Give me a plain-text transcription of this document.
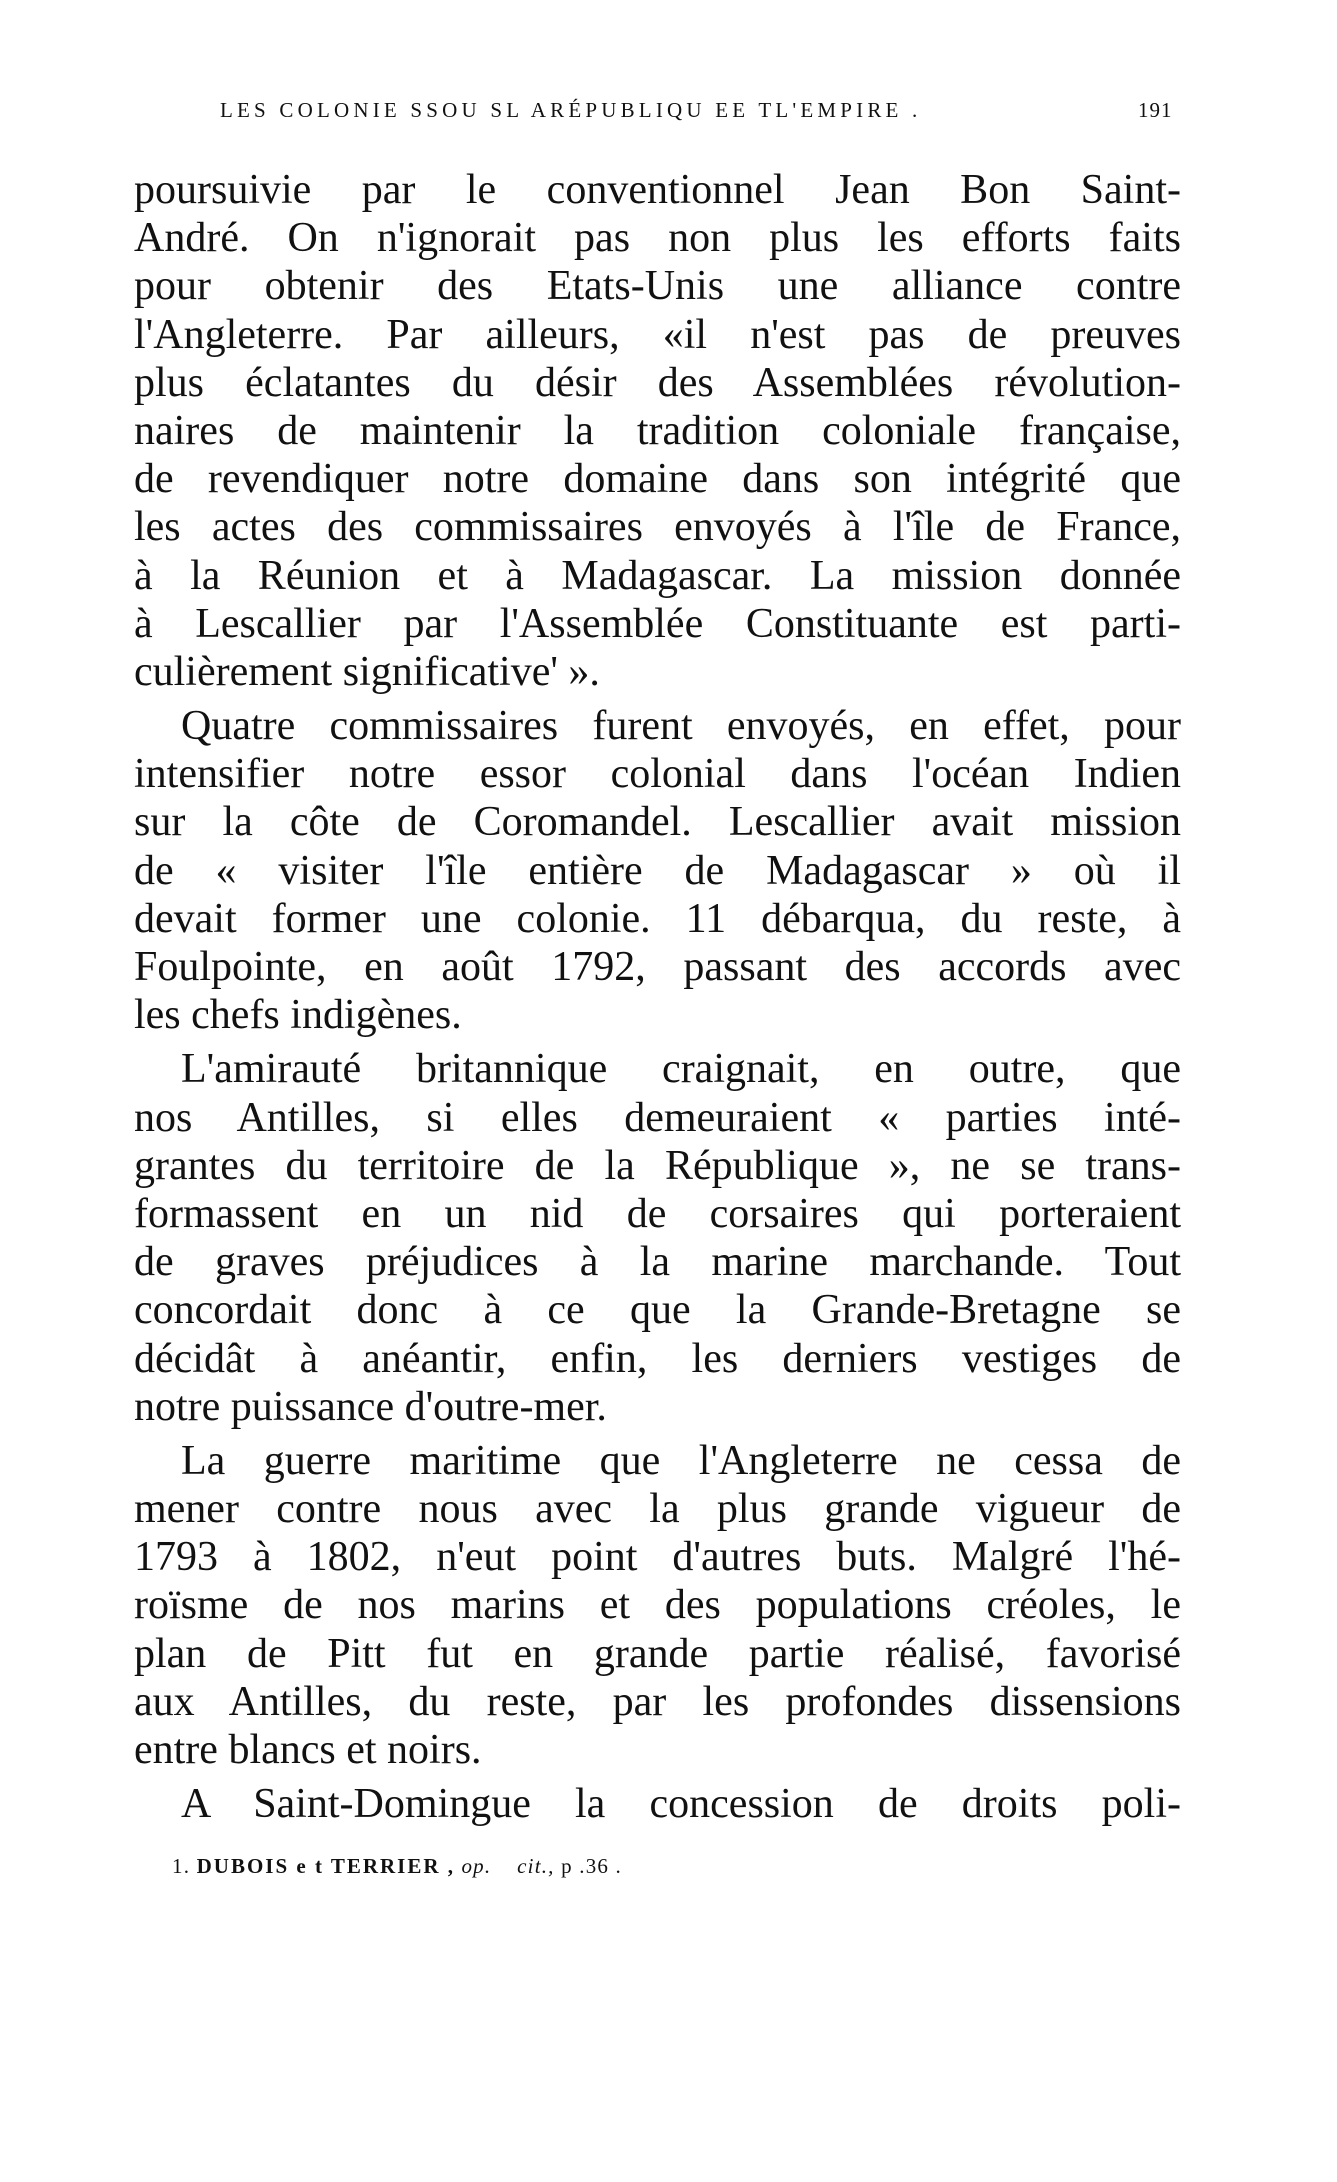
LES COLONIE SSOU SL ARÉPUBLIQU EE TL'EMPIRE .	191
poursuivie par le conventionnel Jean Bon Saint-
André. On n'ignorait pas non plus les efforts faits
pour obtenir des Etats-Unis une alliance contre
l'Angleterre. Par ailleurs, «il n'est pas de preuves
plus éclatantes du désir des Assemblées révolution-
naires de maintenir la tradition coloniale française,
de revendiquer notre domaine dans son intégrité que
les actes des commissaires envoyés à l'île de France,
à la Réunion et à Madagascar. La mission donnée
à Lescallier par l'Assemblée Constituante est parti-
culièrement significative' ».
Quatre commissaires furent envoyés, en effet, pour
intensifier notre essor colonial dans l'océan Indien
sur la côte de Coromandel. Lescallier avait mission
de « visiter l'île entière de Madagascar » où il
devait former une colonie. 11 débarqua, du reste, à
Foulpointe, en août 1792, passant des accords avec
les chefs indigènes.
L'amirauté britannique craignait, en outre, que
nos Antilles, si elles demeuraient « parties inté-
grantes du territoire de la République », ne se trans-
formassent en un nid de corsaires qui porteraient
de graves préjudices à la marine marchande. Tout
concordait donc à ce que la Grande-Bretagne se
décidât à anéantir, enfin, les derniers vestiges de
notre puissance d'outre-mer.
La guerre maritime que l'Angleterre ne cessa de
mener contre nous avec la plus grande vigueur de
1793 à 1802, n'eut point d'autres buts. Malgré l'hé-
roïsme de nos marins et des populations créoles, le
plan de Pitt fut en grande partie réalisé, favorisé
aux Antilles, du reste, par les profondes dissensions
entre blancs et noirs.
A Saint-Domingue la concession de droits poli-
1. DUBOIS e t TERRIER , op. cit., p .36 .
